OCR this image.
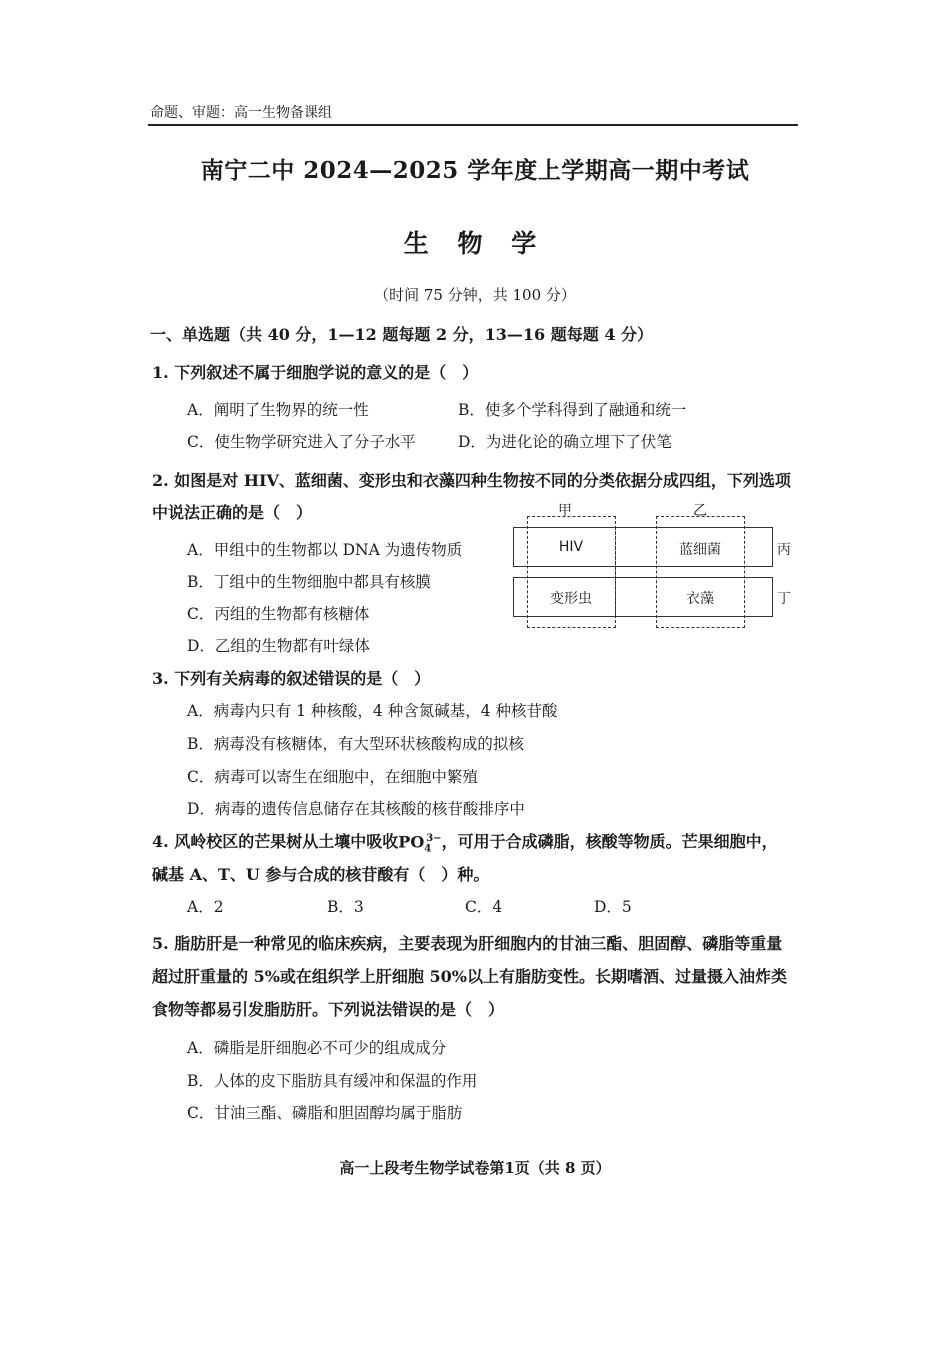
命题、审题：高一生物备课组
南宁二中 2024—2025 学年度上学期高一期中考试
生 物 学
（时间 75 分钟，共 100 分）
一、单选题（共 40 分，1—12 题每题 2 分，13—16 题每题 4 分）
1. 下列叙述不属于细胞学说的意义的是（　）
A．阐明了生物界的统一性	B．使多个学科得到了融通和统一
C．使生物学研究进入了分子水平	D．为进化论的确立埋下了伏笔
2. 如图是对 HIV、蓝细菌、变形虫和衣藻四种生物按不同的分类依据分成四组，下列选项
中说法正确的是（　）
A．甲组中的生物都以 DNA 为遗传物质
B．丁组中的生物细胞中都具有核膜
C．丙组的生物都有核糖体
D．乙组的生物都有叶绿体
甲	乙
HIV	蓝细菌
变形虫	衣藻
丙
丁
3. 下列有关病毒的叙述错误的是（　）
A．病毒内只有 1 种核酸，4 种含氮碱基，4 种核苷酸
B．病毒没有核糖体，有大型环状核酸构成的拟核
C．病毒可以寄生在细胞中，在细胞中繁殖
D．病毒的遗传信息储存在其核酸的核苷酸排序中
4. 风岭校区的芒果树从土壤中吸收$PO_4^{3-}$，可用于合成磷脂，核酸等物质。芒果细胞中，
碱基 A、T、U 参与合成的核苷酸有（　）种。
A．2	B．3	C．4	D．5
5. 脂肪肝是一种常见的临床疾病，主要表现为肝细胞内的甘油三酯、胆固醇、磷脂等重量
超过肝重量的 5%或在组织学上肝细胞 50%以上有脂肪变性。长期嗜酒、过量摄入油炸类
食物等都易引发脂肪肝。下列说法错误的是（　）
A．磷脂是肝细胞必不可少的组成成分
B．人体的皮下脂肪具有缓冲和保温的作用
C．甘油三酯、磷脂和胆固醇均属于脂肪
高一上段考生物学试卷第1页（共 8 页）
